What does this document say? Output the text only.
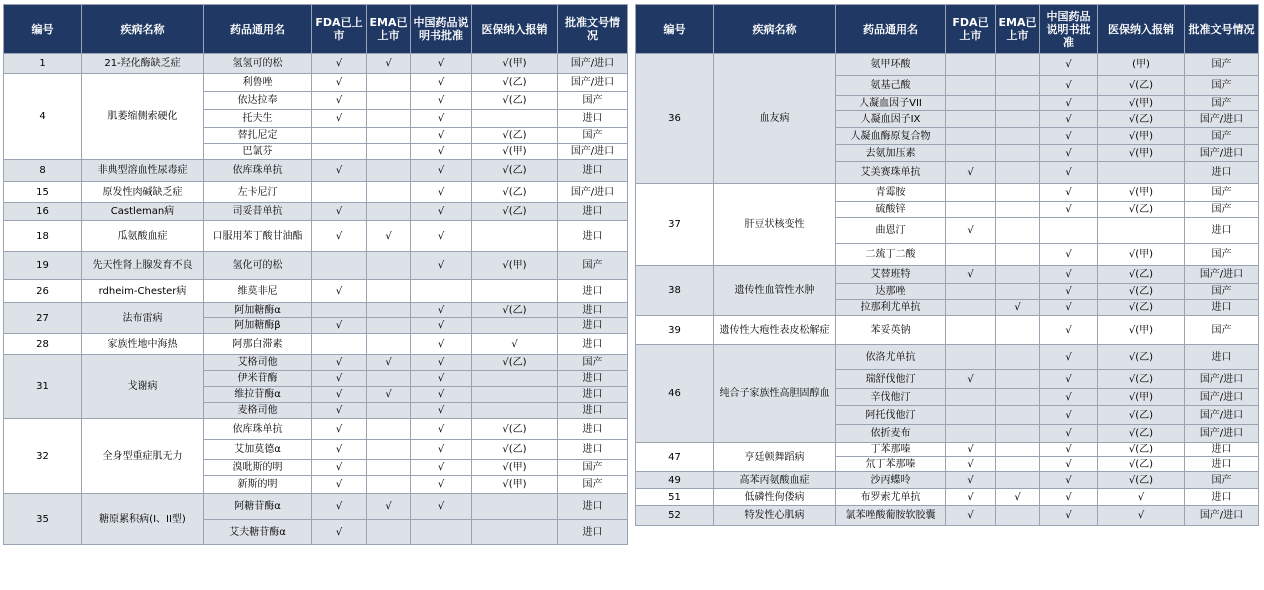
编号	疾病名称	药品通用名	FDA已上市	EMA已上市	中国药品说明书批准	医保纳入报销	批准文号情况
1	21-羟化酶缺乏症	氢氢可的松	√	√	√	√(甲)	国产/进口
4	肌萎缩侧索硬化	利鲁唑	√		√	√(乙)	国产/进口
		依达拉奉	√		√	√(乙)	国产
		托夫生	√		√		进口
		替扎尼定			√	√(乙)	国产
		巴氯芬			√	√(甲)	国产/进口
8	非典型溶血性尿毒症	依库珠单抗	√		√	√(乙)	进口
15	原发性肉碱缺乏症	左卡尼汀			√	√(乙)	国产/进口
16	Castleman病	司妥昔单抗	√		√	√(乙)	进口
18	瓜氨酸血症	口服用苯丁酸甘油酯	√	√	√		进口
19	先天性肾上腺发育不良	氢化可的松			√	√(甲)	国产
26	rdheim-Chester病	维莫非尼	√				进口
27	法布雷病	阿加糖酶α			√	√(乙)	进口
		阿加糖酶β	√		√		进口
28	家族性地中海热	阿那白滞素			√	√	进口
31	戈谢病	艾格司他	√	√	√	√(乙)	国产
		伊米苷酶	√		√		进口
		维拉苷酶α	√	√	√		进口
		麦格司他	√		√		进口
32	全身型重症肌无力	依库珠单抗	√		√	√(乙)	进口
		艾加莫德α	√		√	√(乙)	进口
		溴吡斯的明	√		√	√(甲)	国产
		新斯的明	√		√	√(甲)	国产
35	糖原累积病(I、II型)	阿糖苷酶α	√	√	√		进口
		艾夫糖苷酶α	√				进口
编号	疾病名称	药品通用名	FDA已上市	EMA已上市	中国药品说明书批准	医保纳入报销	批准文号情况
36	血友病	氨甲环酸			√	(甲)	国产
		氨基己酸			√	√(乙)	国产
		人凝血因子VII			√	√(甲)	国产
		人凝血因子IX			√	√(乙)	国产/进口
		人凝血酶原复合物			√	√(甲)	国产
		去氨加压素			√	√(甲)	国产/进口
		艾美赛珠单抗	√		√		进口
37	肝豆状核变性	青霉胺			√	√(甲)	国产
		硫酸锌			√	√(乙)	国产
		曲恩汀	√				进口
		二巯丁二酸			√	√(甲)	国产
38	遗传性血管性水肿	艾替班特	√		√	√(乙)	国产/进口
		达那唑			√	√(乙)	国产
		拉那利尤单抗		√	√	√(乙)	进口
39	遗传性大疱性表皮松解症	苯妥英钠			√	√(甲)	国产
46	纯合子家族性高胆固醇血	依洛尤单抗			√	√(乙)	进口
		瑞舒伐他汀	√		√	√(乙)	国产/进口
		辛伐他汀			√	√(甲)	国产/进口
		阿托伐他汀			√	√(乙)	国产/进口
		依折麦布			√	√(乙)	国产/进口
47	亨廷顿舞蹈病	丁苯那嗪	√		√	√(乙)	进口
		氘丁苯那嗪	√		√	√(乙)	进口
49	高苯丙氨酸血症	沙丙蝶呤	√		√	√(乙)	国产
51	低磷性佝偻病	布罗索尤单抗	√	√	√	√	进口
52	特发性心肌病	氯苯唑酸葡胺软胶囊	√		√	√	国产/进口
